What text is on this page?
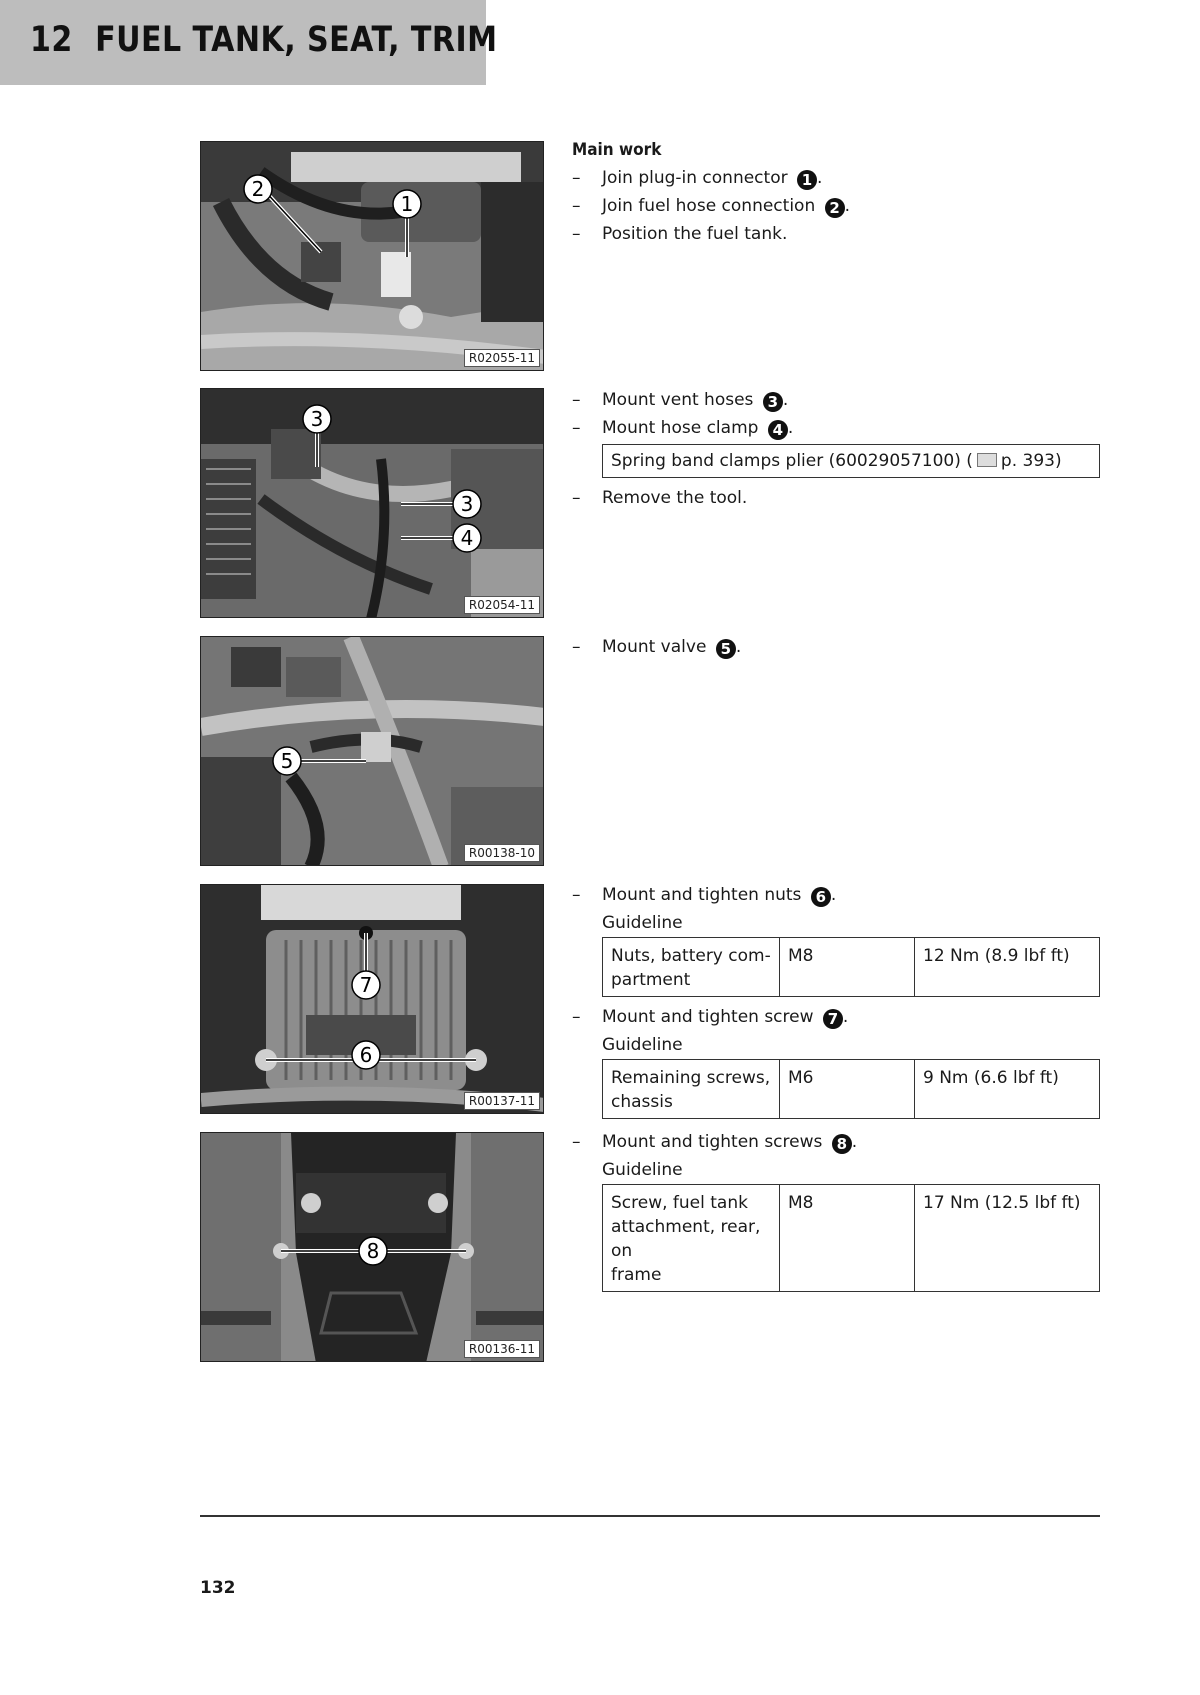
12 FUEL TANK, SEAT, TRIM
2
1
R02055-11
Main work
– Join plug-in connector 1 .
– Join fuel hose connection 2 .
– Position the fuel tank.
3
3
4
R02054-11
– Mount vent hoses 3 .
– Mount hose clamp 4 .
Spring band clamps plier (60029057100) ( p. 393)
– Remove the tool.
5
R00138-10
– Mount valve 5 .
7
6
R00137-11
– Mount and tighten nuts 6 .
Guideline
Nuts, battery com-
partment	M8	12 Nm (8.9 lbf ft)
– Mount and tighten screw 7 .
Guideline
Remaining screws,
chassis	M6	9 Nm (6.6 lbf ft)
8
R00136-11
– Mount and tighten screws 8 .
Guideline
Screw, fuel tank
attachment, rear, on
frame	M8	17 Nm (12.5 lbf ft)
132
